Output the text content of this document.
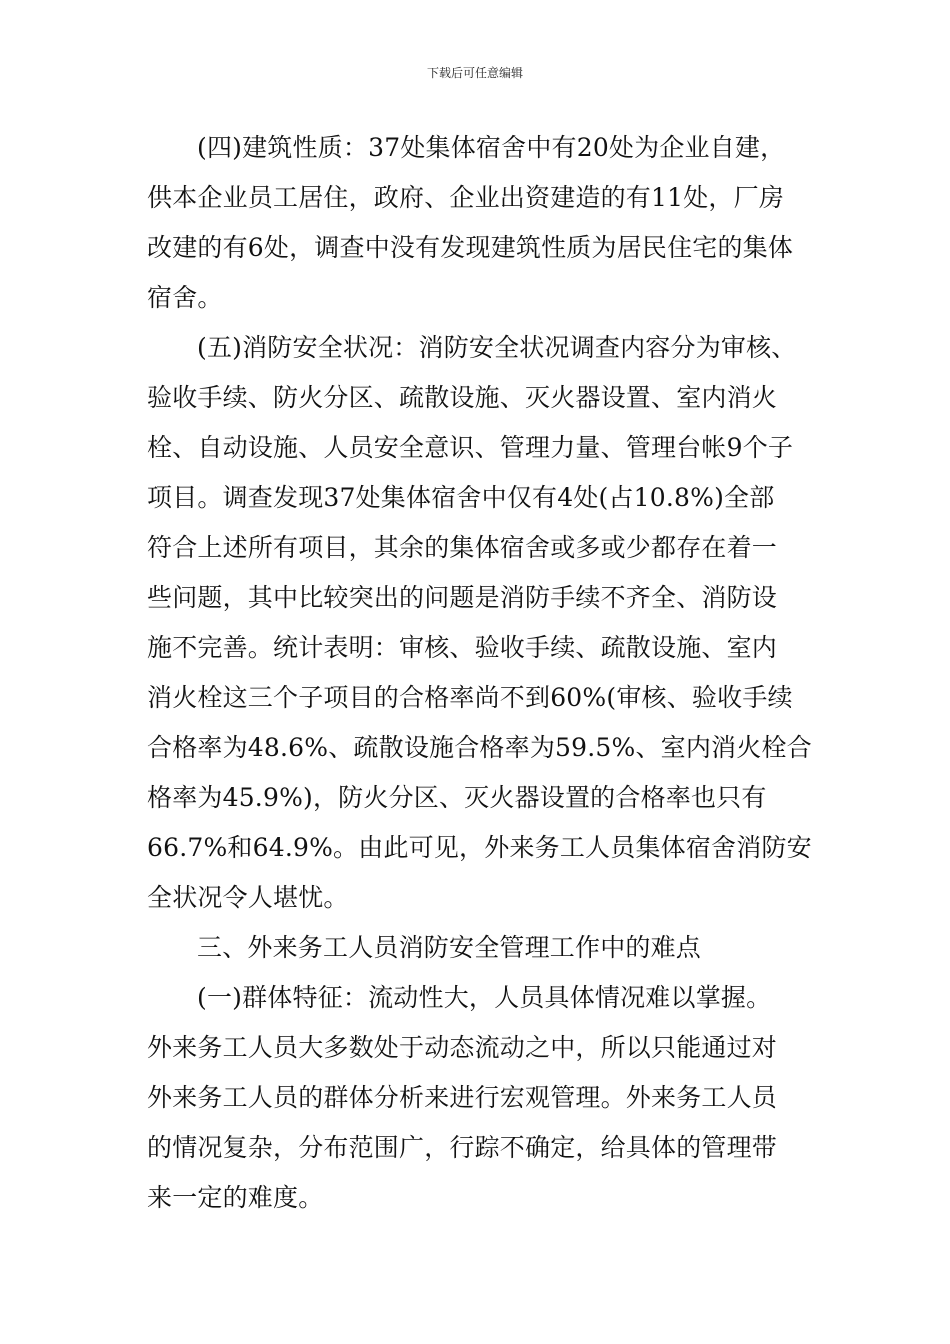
下载后可任意编辑
(四)建筑性质：37处集体宿舍中有20处为企业自建，
供本企业员工居住，政府、企业出资建造的有11处，厂房
改建的有6处，调查中没有发现建筑性质为居民住宅的集体
宿舍。
(五)消防安全状况：消防安全状况调查内容分为审核、
验收手续、防火分区、疏散设施、灭火器设置、室内消火
栓、自动设施、人员安全意识、管理力量、管理台帐9个子
项目。调查发现37处集体宿舍中仅有4处(占10.8%)全部
符合上述所有项目，其余的集体宿舍或多或少都存在着一
些问题，其中比较突出的问题是消防手续不齐全、消防设
施不完善。统计表明：审核、验收手续、疏散设施、室内
消火栓这三个子项目的合格率尚不到60%(审核、验收手续
合格率为48.6%、疏散设施合格率为59.5%、室内消火栓合
格率为45.9%)，防火分区、灭火器设置的合格率也只有
66.7%和64.9%。由此可见，外来务工人员集体宿舍消防安
全状况令人堪忧。
三、外来务工人员消防安全管理工作中的难点
(一)群体特征：流动性大，人员具体情况难以掌握。
外来务工人员大多数处于动态流动之中，所以只能通过对
外来务工人员的群体分析来进行宏观管理。外来务工人员
的情况复杂，分布范围广，行踪不确定，给具体的管理带
来一定的难度。
